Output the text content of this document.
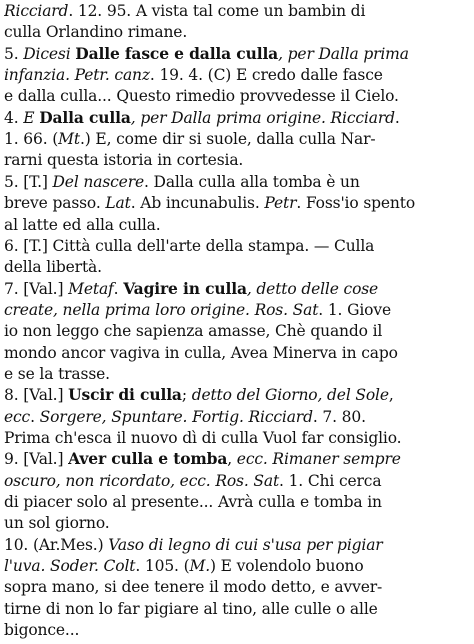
Ricciard. 12. 95. A vista tal come un bambin di
culla Orlandino rimane.
5. Dicesi Dalle fasce e dalla culla, per Dalla prima
infanzia. Petr. canz. 19. 4. (C) E credo dalle fasce
e dalla culla... Questo rimedio provvedesse il Cielo.
4. E Dalla culla, per Dalla prima origine. Ricciard.
1. 66. (Mt.) E, come dir si suole, dalla culla Nar-
rarni questa istoria in cortesia.
5. [T.] Del nascere. Dalla culla alla tomba è un
breve passo. Lat. Ab incunabulis. Petr. Foss'io spento
al latte ed alla culla.
6. [T.] Città culla dell'arte della stampa. — Culla
della libertà.
7. [Val.] Metaf. Vagire in culla, detto delle cose
create, nella prima loro origine. Ros. Sat. 1. Giove
io non leggo che sapienza amasse, Chè quando il
mondo ancor vagiva in culla, Avea Minerva in capo
e se la trasse.
8. [Val.] Uscir di culla; detto del Giorno, del Sole,
ecc. Sorgere, Spuntare. Fortig. Ricciard. 7. 80.
Prima ch'esca il nuovo dì di culla Vuol far consiglio.
9. [Val.] Aver culla e tomba, ecc. Rimaner sempre
oscuro, non ricordato, ecc. Ros. Sat. 1. Chi cerca
di piacer solo al presente... Avrà culla e tomba in
un sol giorno.
10. (Ar.Mes.) Vaso di legno di cui s'usa per pigiar
l'uva. Soder. Colt. 105. (M.) E volendolo buono
sopra mano, si dee tenere il modo detto, e avver-
tirne di non lo far pigiare al tino, alle culle o alle
bigonce...
